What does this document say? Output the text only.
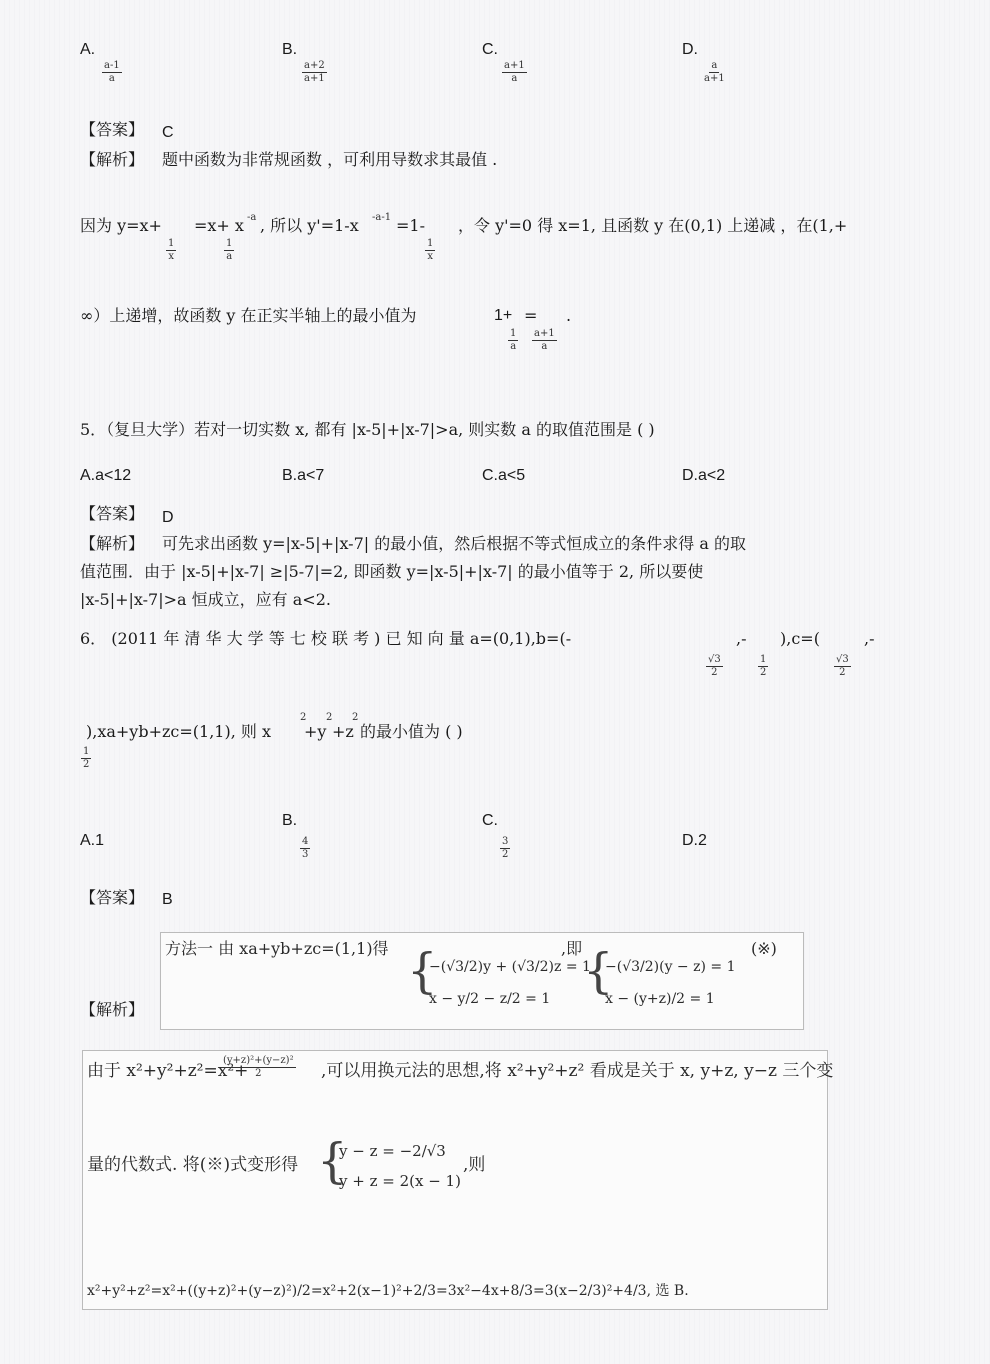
A.
$\frac{a-1}{a}$
B.
$\frac{a+2}{a+1}$
C.
$\frac{a+1}{a}$
D.
$\frac{a}{a+1}$
【答案】 C
【解析】 题中函数为非常规函数 ，可利用导数求其最值 .
因为 y=x+
$\frac{1}{x}$
=x+ x -a
$\frac{1}{a}$
, 所以 y'=1-x -a-1 =1-
$\frac{1}{x}$
，令 y'=0 得 x=1, 且函数 y 在(0,1) 上递减 ，在(1,+
∞）上递增，故函数 y 在正实半轴上的最小值为	1+ = .
$\frac{1}{a} \frac{a+1}{a}$
5．（复旦大学）若对一切实数 x, 都有 |x-5|+|x-7|>a, 则实数 a 的取值范围是 ( )
A.a<12	B.a<7	C.a<5	D.a<2
【答案】 D
【解析】 可先求出函数 y=|x-5|+|x-7| 的最小值，然后根据不等式恒成立的条件求得 a 的取
值范围．由于 |x-5|+|x-7| ≥|5-7|=2, 即函数 y=|x-5|+|x-7| 的最小值等于 2, 所以要使
|x-5|+|x-7|>a 恒成立，应有 a<2.
6． (2011 年 清 华 大 学 等 七 校 联 考 ) 已 知 向 量 a=(0,1),b=(-	,- ),c=(	,-
$\frac{√3}{2}$	$\frac{1}{2}$	$\frac{√3}{2}$
),xa+yb+zc=(1,1), 则 x
2
+y
2
+z
2
的最小值为 ( )
$\frac{1}{2}$
A.1
B.
$\frac{4}{3}$
C.
$\frac{3}{2}$	D.2
【答案】 B
【解析】
方法一 由 xa+yb+zc=(1,1)得 {
−(√3/2)y + (√3/2)z = 1
x − y/2 − z/2 = 1
,即 {
−(√3/2)(y − z) = 1
x − (y+z)/2 = 1
(※)
由于 x²+y²+z²=x²+
$\frac{\text{(y+z)²+(y−z)²}}{2}$ ,可以用换元法的思想,将 x²+y²+z² 看成是关于 x, y+z, y−z 三个变
量的代数式. 将(※)式变形得 {
y − z = −2/√3
y + z = 2(x − 1)
,则
x²+y²+z²=x²+((y+z)²+(y−z)²)/2=x²+2(x−1)²+2/3=3x²−4x+8/3=3(x−2/3)²+4/3, 选 B.
